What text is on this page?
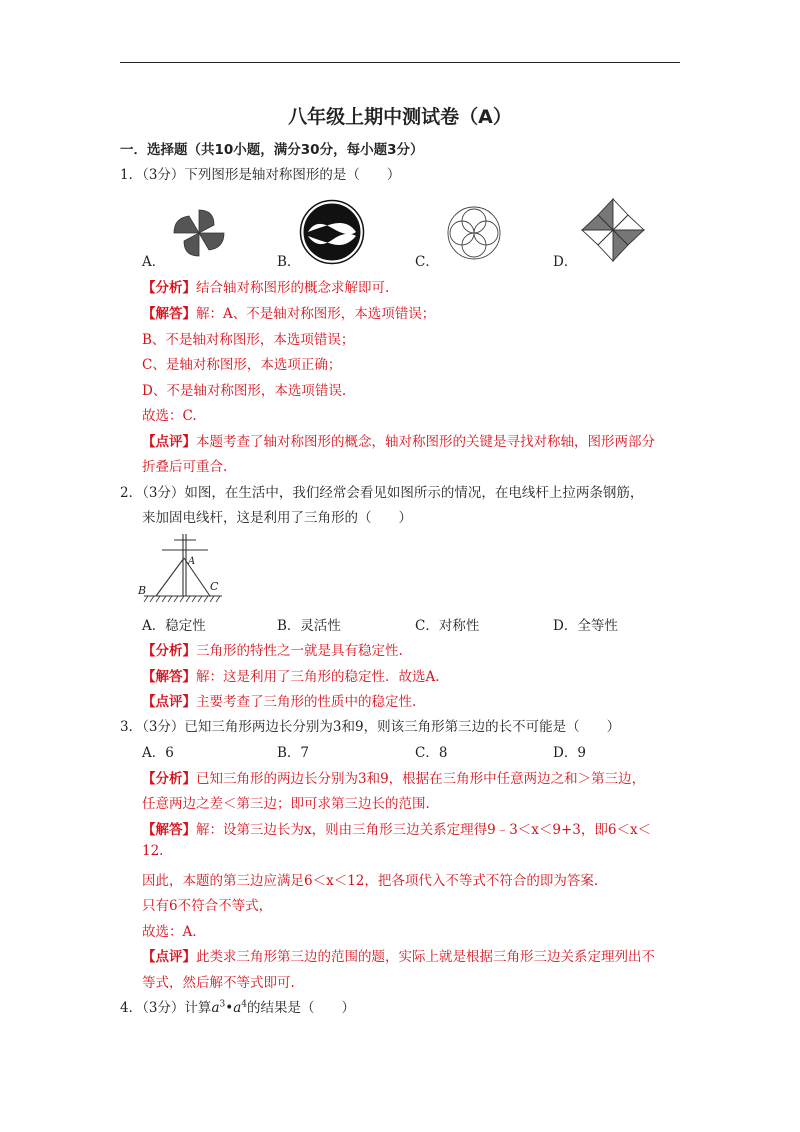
八年级上期中测试卷（A）
一．选择题（共10小题，满分30分，每小题3分）
1．（3分）下列图形是轴对称图形的是（　　）
A．	B．	C．	D．
【分析】结合轴对称图形的概念求解即可.
【解答】解：A、不是轴对称图形，本选项错误；
B、不是轴对称图形，本选项错误；
C、是轴对称图形，本选项正确；
D、不是轴对称图形，本选项错误.
故选：C.
【点评】本题考查了轴对称图形的概念，轴对称图形的关键是寻找对称轴，图形两部分
折叠后可重合.
2．（3分）如图，在生活中，我们经常会看见如图所示的情况，在电线杆上拉两条钢筋，
来加固电线杆，这是利用了三角形的（　　）
A
B	C
A．稳定性	B．灵活性	C．对称性	D．全等性
【分析】三角形的特性之一就是具有稳定性.
【解答】解：这是利用了三角形的稳定性．故选A.
【点评】主要考查了三角形的性质中的稳定性.
3．（3分）已知三角形两边长分别为3和9，则该三角形第三边的长不可能是（　　）
A．6	B．7	C．8	D．9
【分析】已知三角形的两边长分别为3和9，根据在三角形中任意两边之和＞第三边，
任意两边之差＜第三边；即可求第三边长的范围.
【解答】解：设第三边长为x，则由三角形三边关系定理得9﹣3＜x＜9+3，即6＜x＜
12.
因此，本题的第三边应满足6＜x＜12，把各项代入不等式不符合的即为答案.
只有6不符合不等式，
故选：A.
【点评】此类求三角形第三边的范围的题，实际上就是根据三角形三边关系定理列出不
等式，然后解不等式即可.
4．（3分）计算$a^3•a^4$的结果是（　　）
